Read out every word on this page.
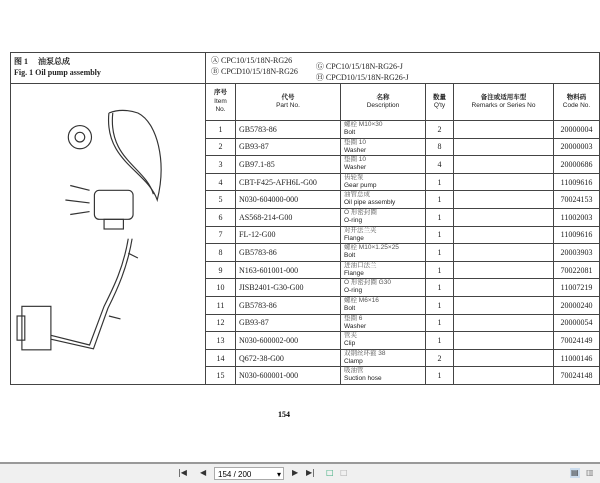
图 1 油泵总成
Fig. 1 Oil pump assembly
Ⓐ CPC10/15/18N-RG26
Ⓑ CPCD10/15/18N-RG26
Ⓖ CPC10/15/18N-RG26-J
Ⓗ CPCD10/15/18N-RG26-J
序号
Item
No.
代号
Part No.
名称
Description
数量
Q'ty
备注或适用车型
Remarks or Series No
物料码
Code No.
1 GB5783-86
螺栓 M10×30
Bolt	2	20000004
2 GB93-87
垫圈 10
Washer	8	20000003
3 GB97.1-85
垫圈 10
Washer	4	20000686
4 CBT-F425-AFH6L-G00
齿轮泵
Gear pump	1	11009616
5 N030-604000-000
油管总成
Oil pipe assembly	1	70024153
6 AS568-214-G00
O 形密封圈
O-ring	1	11002003
7 FL-12-G00
对开法兰夹
Flange	1	11009616
8 GB5783-86
螺栓 M10×1.25×25
Bolt	1	20003903
9 N163-601001-000
进油口法兰
Flange	1	70022081
10 JISB2401-G30-G00
O 形密封圈 G30
O-ring	1	11007219
11 GB5783-86
螺栓 M6×16
Bolt	1	20000240
12 GB93-87
垫圈 6
Washer	1	20000054
13 N030-600002-000
管夹
Clip	1	70024149
14 Q672-38-G00
双钢丝环箍 38
Clamp	2	11000146
15 N030-600001-000
吸油管
Suction hose	1	70024148
154
|◀ ◀	154 / 200	▾ ▶ ▶| □ □	▤ ▥
